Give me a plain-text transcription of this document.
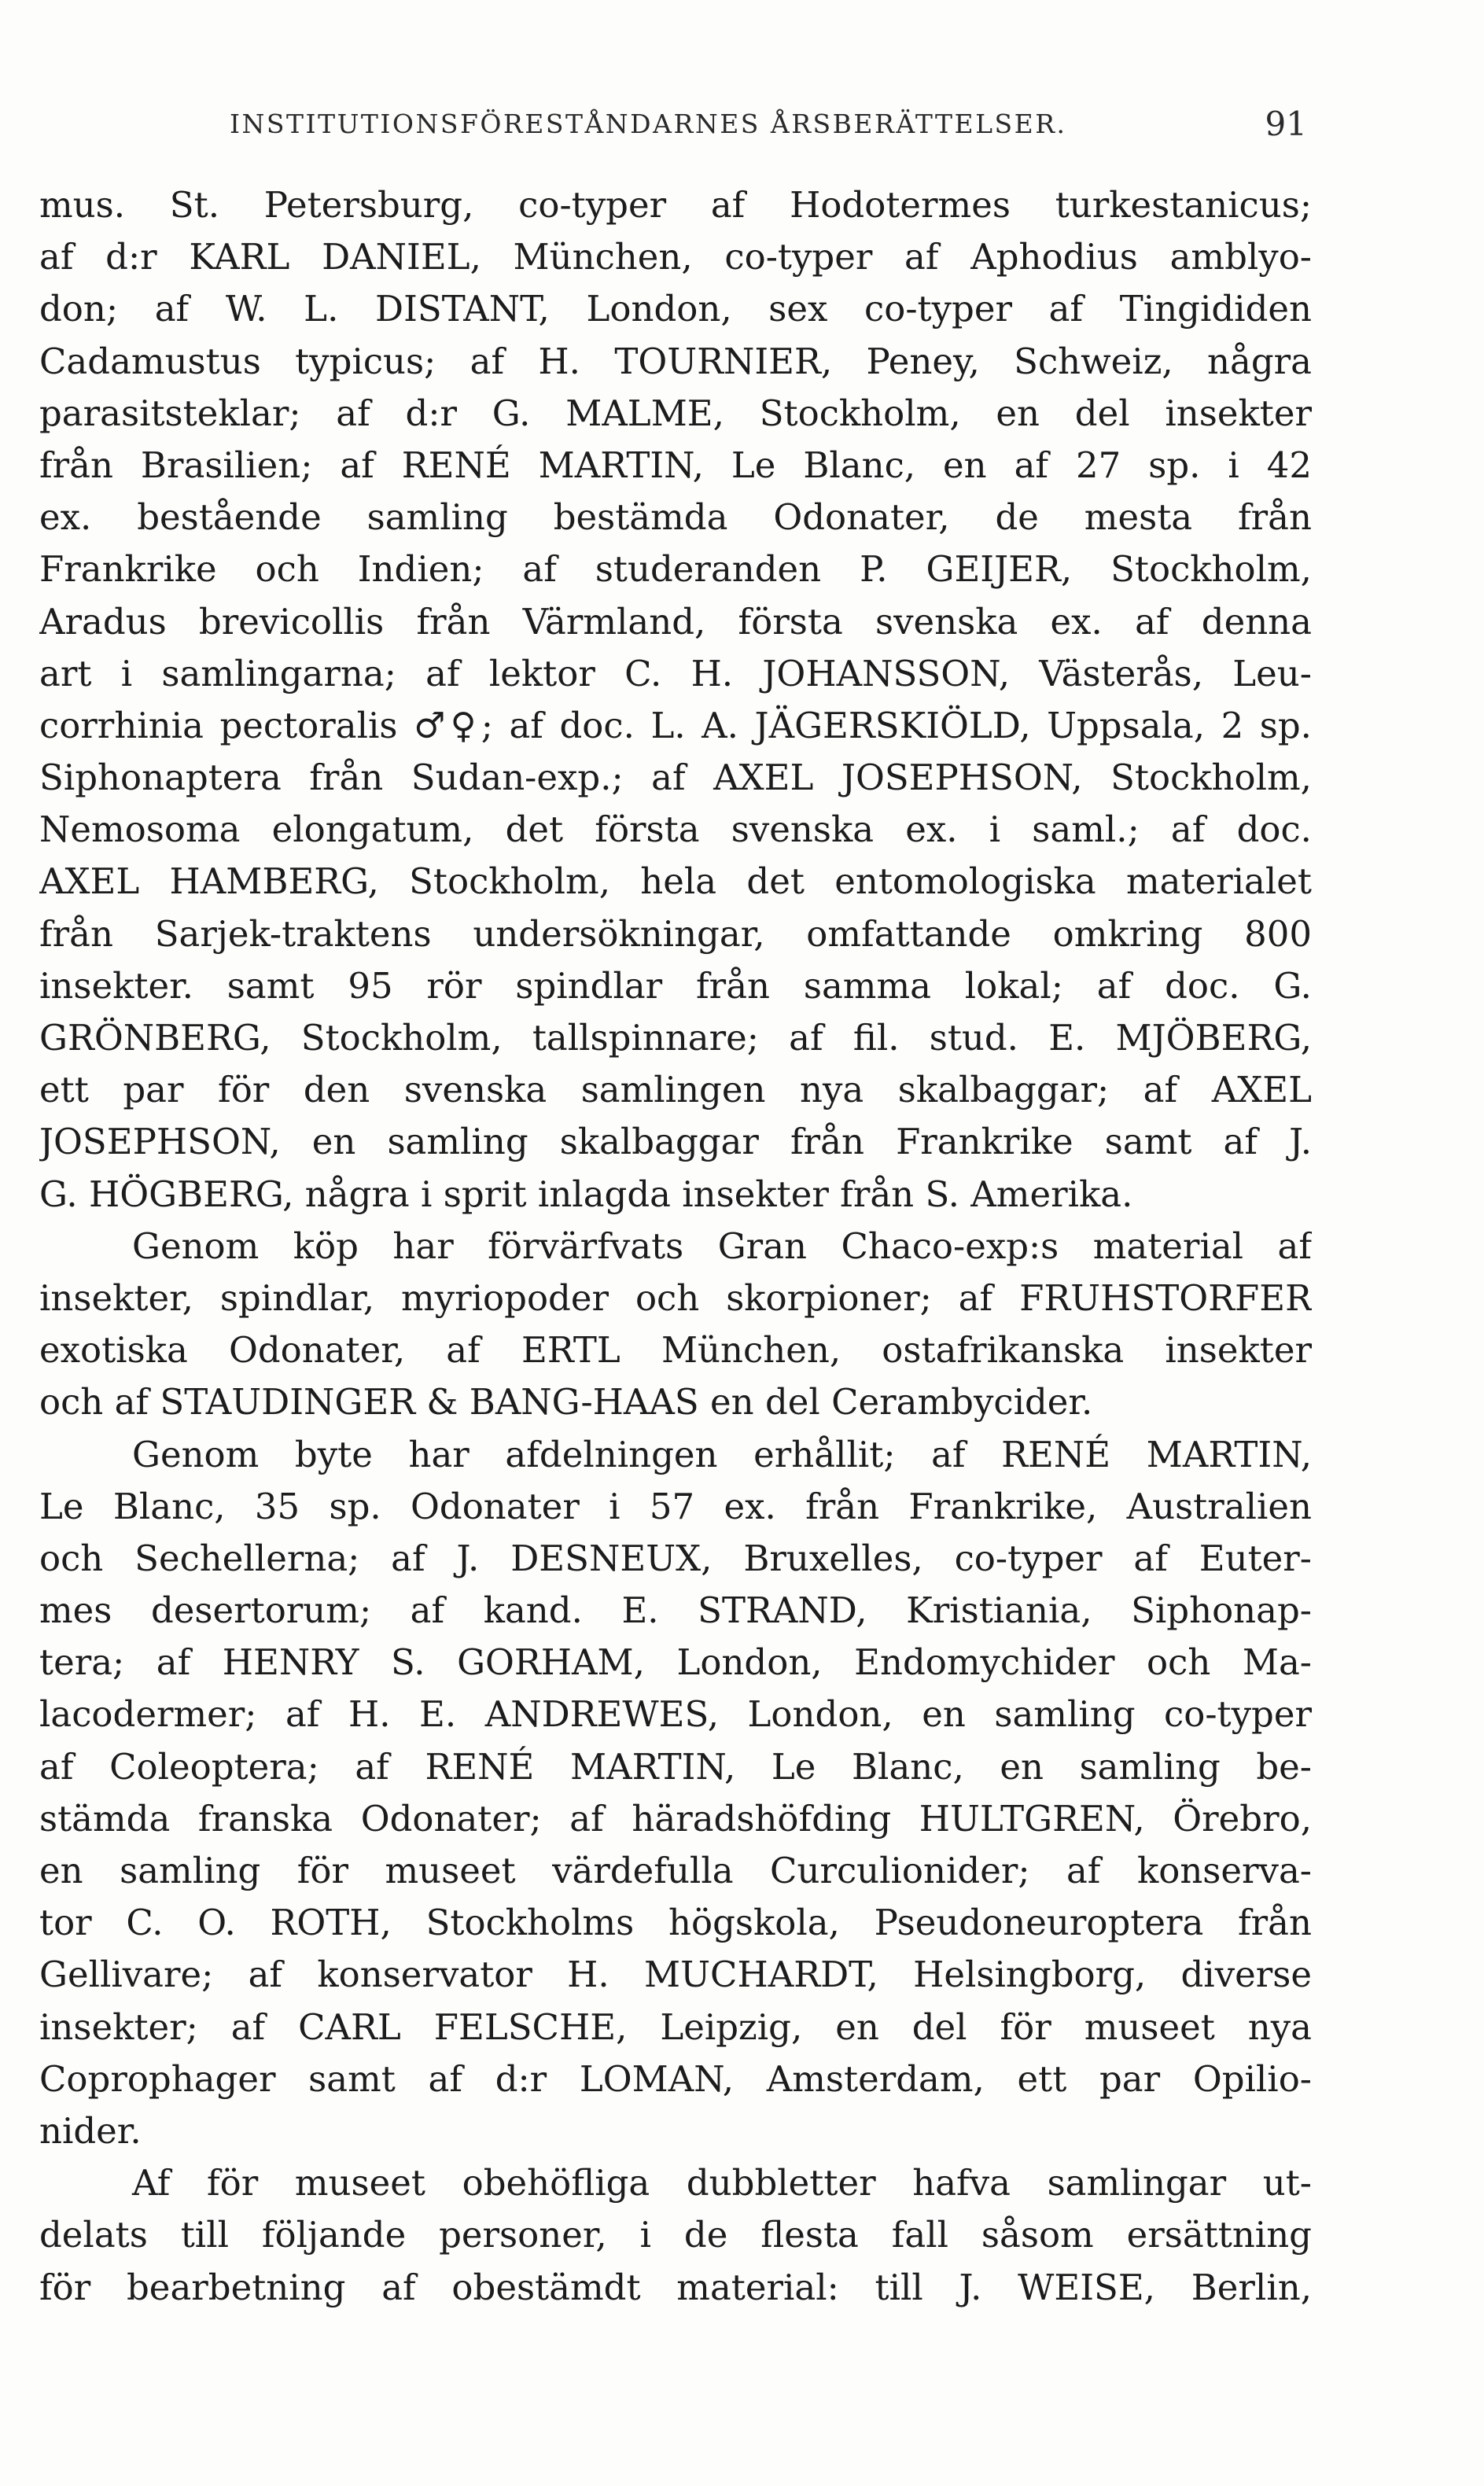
INSTITUTIONSFÖRESTÅNDARNES ÅRSBERÄTTELSER.	91
mus. St. Petersburg, co-typer af Hodotermes turkestanicus;
af d:r KARL DANIEL, München, co-typer af Aphodius amblyo-
don; af W. L. DISTANT, London, sex co-typer af Tingididen
Cadamustus typicus; af H. TOURNIER, Peney, Schweiz, några
parasitsteklar; af d:r G. MALME, Stockholm, en del insekter
från Brasilien; af RENÉ MARTIN, Le Blanc, en af 27 sp. i 42
ex. bestående samling bestämda Odonater, de mesta från
Frankrike och Indien; af studeranden P. GEIJER, Stockholm,
Aradus brevicollis från Värmland, första svenska ex. af denna
art i samlingarna; af lektor C. H. JOHANSSON, Västerås, Leu-
corrhinia pectoralis ♂♀; af doc. L. A. JÄGERSKIÖLD, Uppsala, 2 sp.
Siphonaptera från Sudan-exp.; af AXEL JOSEPHSON, Stockholm,
Nemosoma elongatum, det första svenska ex. i saml.; af doc.
AXEL HAMBERG, Stockholm, hela det entomologiska materialet
från Sarjek-traktens undersökningar, omfattande omkring 800
insekter. samt 95 rör spindlar från samma lokal; af doc. G.
GRÖNBERG, Stockholm, tallspinnare; af fil. stud. E. MJÖBERG,
ett par för den svenska samlingen nya skalbaggar; af AXEL
JOSEPHSON, en samling skalbaggar från Frankrike samt af J.
G. HÖGBERG, några i sprit inlagda insekter från S. Amerika.
Genom köp har förvärfvats Gran Chaco-exp:s material af
insekter, spindlar, myriopoder och skorpioner; af FRUHSTORFER
exotiska Odonater, af ERTL München, ostafrikanska insekter
och af STAUDINGER & BANG-HAAS en del Cerambycider.
Genom byte har afdelningen erhållit; af RENÉ MARTIN,
Le Blanc, 35 sp. Odonater i 57 ex. från Frankrike, Australien
och Sechellerna; af J. DESNEUX, Bruxelles, co-typer af Euter-
mes desertorum; af kand. E. STRAND, Kristiania, Siphonap-
tera; af HENRY S. GORHAM, London, Endomychider och Ma-
lacodermer; af H. E. ANDREWES, London, en samling co-typer
af Coleoptera; af RENÉ MARTIN, Le Blanc, en samling be-
stämda franska Odonater; af häradshöfding HULTGREN, Örebro,
en samling för museet värdefulla Curculionider; af konserva-
tor C. O. ROTH, Stockholms högskola, Pseudoneuroptera från
Gellivare; af konservator H. MUCHARDT, Helsingborg, diverse
insekter; af CARL FELSCHE, Leipzig, en del för museet nya
Coprophager samt af d:r LOMAN, Amsterdam, ett par Opilio-
nider.
Af för museet obehöfliga dubbletter hafva samlingar ut-
delats till följande personer, i de flesta fall såsom ersättning
för bearbetning af obestämdt material: till J. WEISE, Berlin,
